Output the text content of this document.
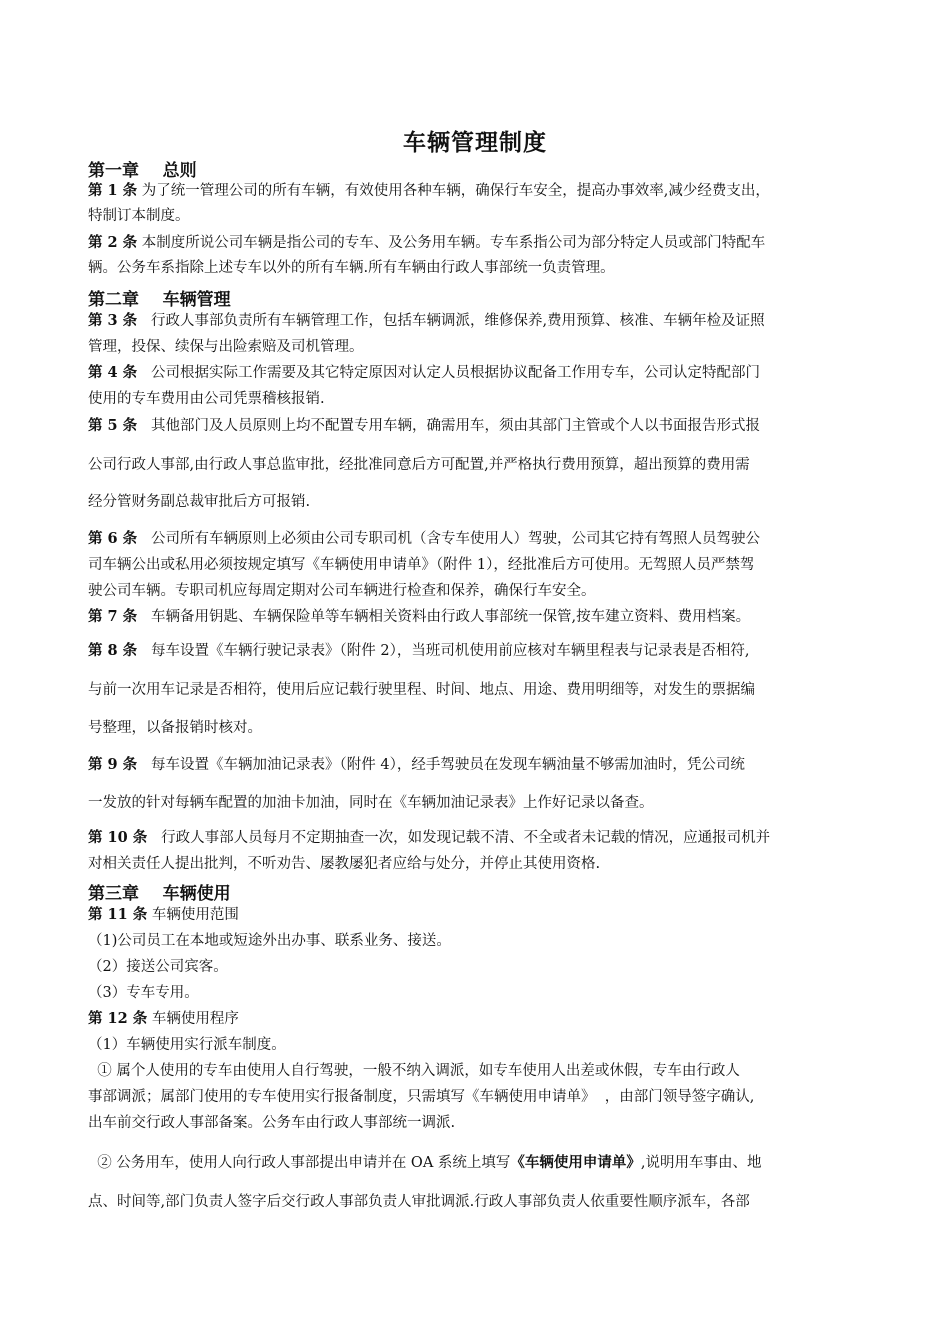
车辆管理制度
第一章    总则
第 1 条 为了统一管理公司的所有车辆，有效使用各种车辆，确保行车安全，提高办事效率,减少经费支出，
特制订本制度。
第 2 条 本制度所说公司车辆是指公司的专车、及公务用车辆。专车系指公司为部分特定人员或部门特配车
辆。公务车系指除上述专车以外的所有车辆.所有车辆由行政人事部统一负责管理。
第二章    车辆管理
第 3 条   行政人事部负责所有车辆管理工作，包括车辆调派，维修保养,费用预算、核准、车辆年检及证照
管理，投保、续保与出险索赔及司机管理。
第 4 条   公司根据实际工作需要及其它特定原因对认定人员根据协议配备工作用专车，公司认定特配部门
使用的专车费用由公司凭票稽核报销.
第 5 条   其他部门及人员原则上均不配置专用车辆，确需用车，须由其部门主管或个人以书面报告形式报
公司行政人事部,由行政人事总监审批，经批准同意后方可配置,并严格执行费用预算，超出预算的费用需
经分管财务副总裁审批后方可报销.
第 6 条   公司所有车辆原则上必须由公司专职司机（含专车使用人）驾驶，公司其它持有驾照人员驾驶公
司车辆公出或私用必须按规定填写《车辆使用申请单》（附件 1），经批准后方可使用。无驾照人员严禁驾
驶公司车辆。专职司机应每周定期对公司车辆进行检查和保养，确保行车安全。
第 7 条   车辆备用钥匙、车辆保险单等车辆相关资料由行政人事部统一保管,按车建立资料、费用档案。
第 8 条   每车设置《车辆行驶记录表》（附件 2），当班司机使用前应核对车辆里程表与记录表是否相符,
与前一次用车记录是否相符，使用后应记载行驶里程、时间、地点、用途、费用明细等，对发生的票据编
号整理，以备报销时核对。
第 9 条   每车设置《车辆加油记录表》（附件 4），经手驾驶员在发现车辆油量不够需加油时，凭公司统
一发放的针对每辆车配置的加油卡加油，同时在《车辆加油记录表》上作好记录以备查。
第 10 条   行政人事部人员每月不定期抽查一次，如发现记载不清、不全或者未记载的情况，应通报司机并
对相关责任人提出批判，不听劝告、屡教屡犯者应给与处分，并停止其使用资格.
第三章    车辆使用
第 11 条 车辆使用范围
（1)公司员工在本地或短途外出办事、联系业务、接送。
（2）接送公司宾客。
（3）专车专用。
第 12 条 车辆使用程序
（1）车辆使用实行派车制度。
① 属个人使用的专车由使用人自行驾驶，一般不纳入调派，如专车使用人出差或休假，专车由行政人
事部调派；属部门使用的专车使用实行报备制度，只需填写《车辆使用申请单》  ，由部门领导签字确认,
出车前交行政人事部备案。公务车由行政人事部统一调派.
② 公务用车，使用人向行政人事部提出申请并在 OA 系统上填写《车辆使用申请单》,说明用车事由、地
点、时间等,部门负责人签字后交行政人事部负责人审批调派.行政人事部负责人依重要性顺序派车，各部
